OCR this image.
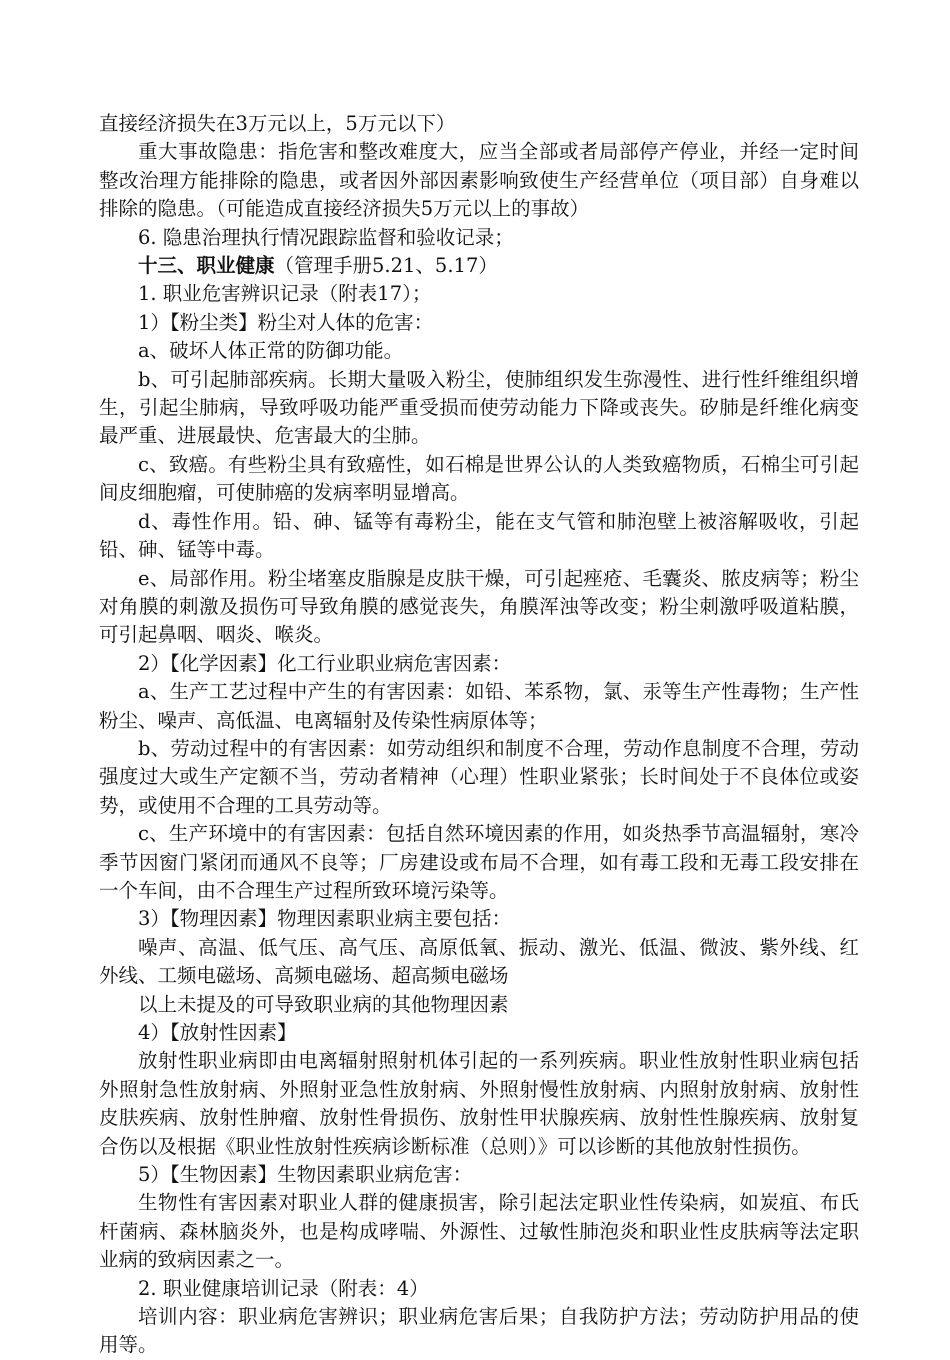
直接经济损失在3万元以上，5万元以下）

重大事故隐患：指危害和整改难度大，应当全部或者局部停产停业，并经一定时间整改治理方能排除的隐患，或者因外部因素影响致使生产经营单位（项目部）自身难以排除的隐患。（可能造成直接经济损失5万元以上的事故）

6. 隐患治理执行情况跟踪监督和验收记录；

十三、职业健康（管理手册5.21、5.17）

1. 职业危害辨识记录（附表17）；

1）【粉尘类】粉尘对人体的危害：

a、破坏人体正常的防御功能。

b、可引起肺部疾病。长期大量吸入粉尘，使肺组织发生弥漫性、进行性纤维组织增生，引起尘肺病，导致呼吸功能严重受损而使劳动能力下降或丧失。矽肺是纤维化病变最严重、进展最快、危害最大的尘肺。

c、致癌。有些粉尘具有致癌性，如石棉是世界公认的人类致癌物质，石棉尘可引起间皮细胞瘤，可使肺癌的发病率明显增高。

d、毒性作用。铅、砷、锰等有毒粉尘，能在支气管和肺泡壁上被溶解吸收，引起铅、砷、锰等中毒。

e、局部作用。粉尘堵塞皮脂腺是皮肤干燥，可引起痤疮、毛囊炎、脓皮病等；粉尘对角膜的刺激及损伤可导致角膜的感觉丧失，角膜浑浊等改变；粉尘刺激呼吸道粘膜，可引起鼻咽、咽炎、喉炎。

2）【化学因素】化工行业职业病危害因素：

a、生产工艺过程中产生的有害因素：如铅、苯系物，氯、汞等生产性毒物；生产性粉尘、噪声、高低温、电离辐射及传染性病原体等；

b、劳动过程中的有害因素：如劳动组织和制度不合理，劳动作息制度不合理，劳动强度过大或生产定额不当，劳动者精神（心理）性职业紧张；长时间处于不良体位或姿势，或使用不合理的工具劳动等。

c、生产环境中的有害因素：包括自然环境因素的作用，如炎热季节高温辐射，寒冷季节因窗门紧闭而通风不良等；厂房建设或布局不合理，如有毒工段和无毒工段安排在一个车间，由不合理生产过程所致环境污染等。

3）【物理因素】物理因素职业病主要包括：

噪声、高温、低气压、高气压、高原低氧、振动、激光、低温、微波、紫外线、红外线、工频电磁场、高频电磁场、超高频电磁场

以上未提及的可导致职业病的其他物理因素

4）【放射性因素】

放射性职业病即由电离辐射照射机体引起的一系列疾病。职业性放射性职业病包括外照射急性放射病、外照射亚急性放射病、外照射慢性放射病、内照射放射病、放射性皮肤疾病、放射性肿瘤、放射性骨损伤、放射性甲状腺疾病、放射性性腺疾病、放射复合伤以及根据《职业性放射性疾病诊断标准（总则）》可以诊断的其他放射性损伤。

5）【生物因素】生物因素职业病危害：

生物性有害因素对职业人群的健康损害，除引起法定职业性传染病，如炭疽、布氏杆菌病、森林脑炎外，也是构成哮喘、外源性、过敏性肺泡炎和职业性皮肤病等法定职业病的致病因素之一。

2. 职业健康培训记录（附表：4）

培训内容：职业病危害辨识；职业病危害后果；自我防护方法；劳动防护用品的使用等。
